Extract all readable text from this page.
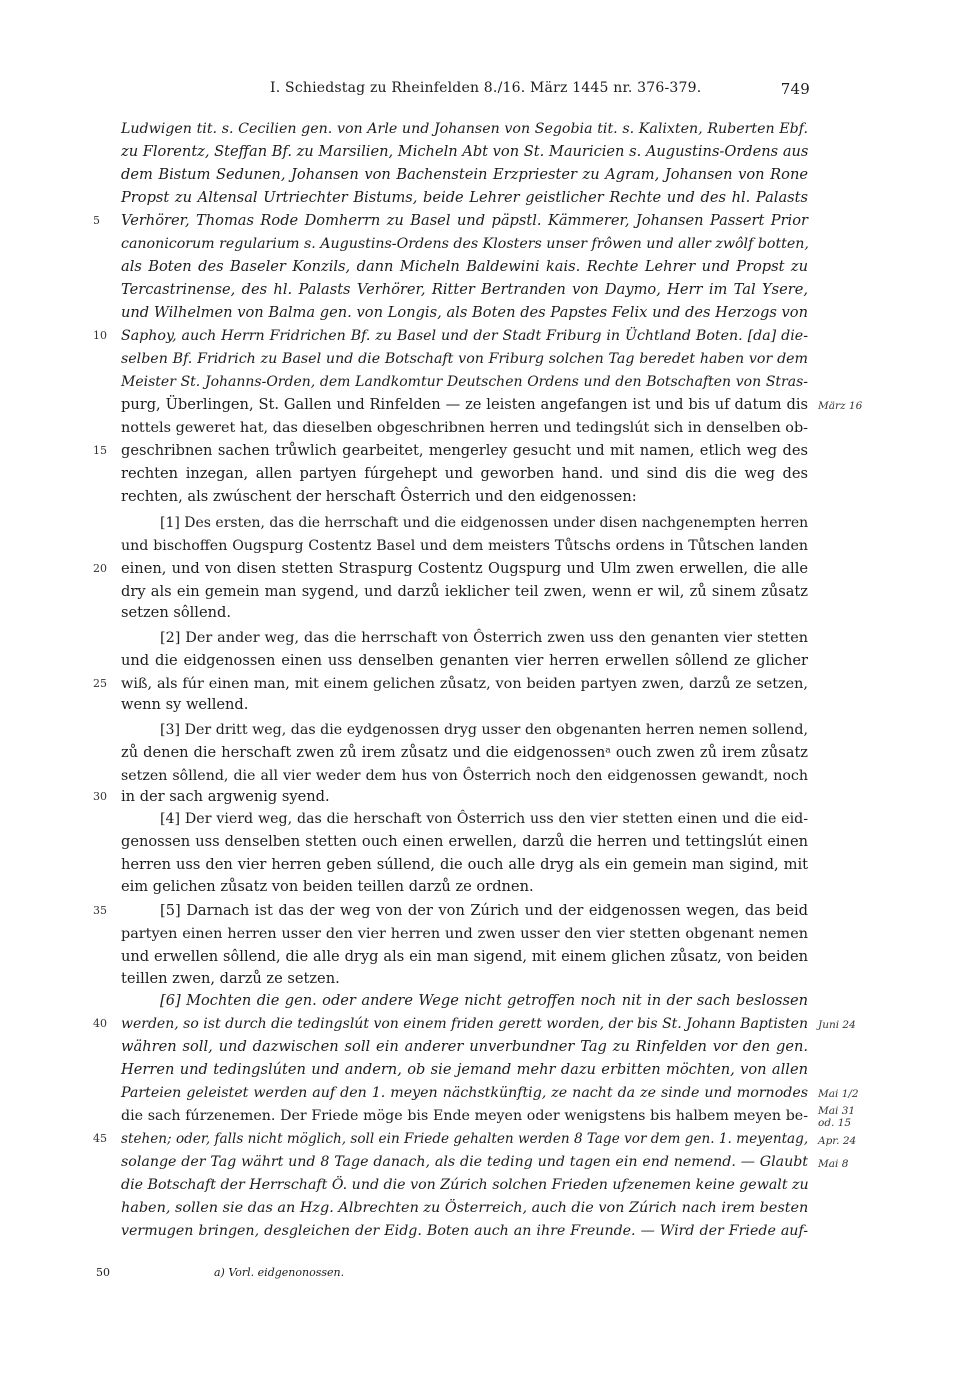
I. Schiedstag zu Rheinfelden 8./16. März 1445 nr. 376-379.	749
Ludwigen tit. s. Cecilien gen. von Arle und Johansen von Segobia tit. s. Kalixten, Ruberten Ebf.
zu Florentz, Steffan Bf. zu Marsilien, Micheln Abt von St. Mauricien s. Augustins-Ordens aus
dem Bistum Sedunen, Johansen von Bachenstein Erzpriester zu Agram, Johansen von Rone
Propst zu Altensal Urtriechter Bistums, beide Lehrer geistlicher Rechte und des hl. Palasts
Verhörer, Thomas Rode Domherrn zu Basel und päpstl. Kämmerer, Johansen Passert Prior
canonicorum regularium s. Augustins-Ordens des Klosters unser frôwen und aller zwôlf botten,
als Boten des Baseler Konzils, dann Micheln Baldewini kais. Rechte Lehrer und Propst zu
Tercastrinense, des hl. Palasts Verhörer, Ritter Bertranden von Daymo, Herr im Tal Ysere,
und Wilhelmen von Balma gen. von Longis, als Boten des Papstes Felix und des Herzogs von
Saphoy, auch Herrn Fridrichen Bf. zu Basel und der Stadt Friburg in Üchtland Boten. [da] die-
selben Bf. Fridrich zu Basel und die Botschaft von Friburg solchen Tag beredet haben vor dem
Meister St. Johanns-Orden, dem Landkomtur Deutschen Ordens und den Botschaften von Stras-
purg, Überlingen, St. Gallen und Rinfelden — ze leisten angefangen ist und bis uf datum dis
nottels geweret hat, das dieselben obgeschribnen herren und tedingslút sich in denselben ob-
geschribnen sachen trůwlich gearbeitet, mengerley gesucht und mit namen, etlich weg des
rechten inzegan, allen partyen fúrgehept und geworben hand. und sind dis die weg des
rechten, als zwúschent der herschaft Ôsterrich und den eidgenossen:
[1] Des ersten, das die herrschaft und die eidgenossen under disen nachgenempten herren
und bischoffen Ougspurg Costentz Basel und dem meisters Tůtschs ordens in Tůtschen landen
einen, und von disen stetten Straspurg Costentz Ougspurg und Ulm zwen erwellen, die alle
dry als ein gemein man sygend, und darzů ieklicher teil zwen, wenn er wil, zů sinem zůsatz
setzen sôllend.
[2] Der ander weg, das die herrschaft von Ôsterrich zwen uss den genanten vier stetten
und die eidgenossen einen uss denselben genanten vier herren erwellen sôllend ze glicher
wiß, als fúr einen man, mit einem gelichen zůsatz, von beiden partyen zwen, darzů ze setzen,
wenn sy wellend.
[3] Der dritt weg, das die eydgenossen dryg usser den obgenanten herren nemen sollend,
zů denen die herschaft zwen zů irem zůsatz und die eidgenossenᵃ ouch zwen zů irem zůsatz
setzen sôllend, die all vier weder dem hus von Ôsterrich noch den eidgenossen gewandt, noch
in der sach argwenig syend.
[4] Der vierd weg, das die herschaft von Ôsterrich uss den vier stetten einen und die eid-
genossen uss denselben stetten ouch einen erwellen, darzů die herren und tettingslút einen
herren uss den vier herren geben súllend, die ouch alle dryg als ein gemein man sigind, mit
eim gelichen zůsatz von beiden teillen darzů ze ordnen.
[5] Darnach ist das der weg von der von Zúrich und der eidgenossen wegen, das beid
partyen einen herren usser den vier herren und zwen usser den vier stetten obgenant nemen
und erwellen sôllend, die alle dryg als ein man sigend, mit einem glichen zůsatz, von beiden
teillen zwen, darzů ze setzen.
[6] Mochten die gen. oder andere Wege nicht getroffen noch nit in der sach beslossen
werden, so ist durch die tedingslút von einem friden gerett worden, der bis St. Johann Baptisten
währen soll, und dazwischen soll ein anderer unverbundner Tag zu Rinfelden vor den gen.
Herren und tedingslúten und andern, ob sie jemand mehr dazu erbitten möchten, von allen
Parteien geleistet werden auf den 1. meyen nächstkünftig, ze nacht da ze sinde und mornodes
die sach fúrzenemen. Der Friede möge bis Ende meyen oder wenigstens bis halbem meyen be-
stehen; oder, falls nicht möglich, soll ein Friede gehalten werden 8 Tage vor dem gen. 1. meyentag,
solange der Tag währt und 8 Tage danach, als die teding und tagen ein end nemend. — Glaubt
die Botschaft der Herrschaft Ö. und die von Zúrich solchen Frieden ufzenemen keine gewalt zu
haben, sollen sie das an Hzg. Albrechten zu Österreich, auch die von Zúrich nach irem besten
vermugen bringen, desgleichen der Eidg. Boten auch an ihre Freunde. — Wird der Friede auf-
5
10
15
20
25
30
35
40
45
März 16
Juni 24
Mai 1/2
Mai 31
od. 15
Apr. 24
Mai 8
50	a) Vorl. eidgenonossen.
